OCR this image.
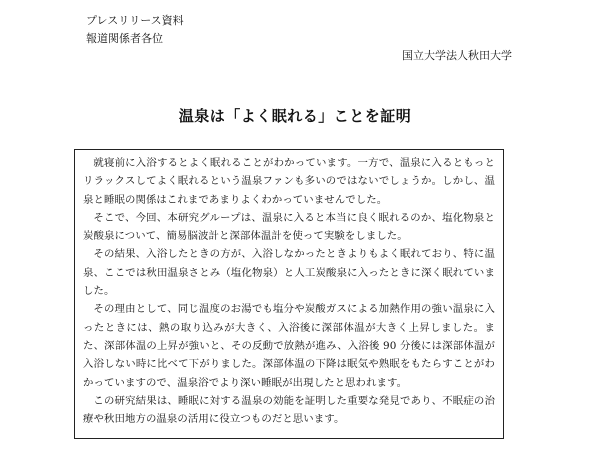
プレスリリース資料
報道関係者各位
国立大学法人秋田大学
温泉は「よく眠れる」ことを証明

就寝前に入浴するとよく眠れることがわかっています。一方で、温泉に入るともっとリラックスしてよく眠れるという温泉ファンも多いのではないでしょうか。しかし、温泉と睡眠の関係はこれまであまりよくわかっていませんでした。

そこで、今回、本研究グループは、温泉に入ると本当に良く眠れるのか、塩化物泉と炭酸泉について、簡易脳波計と深部体温計を使って実験をしました。

その結果、入浴したときの方が、入浴しなかったときよりもよく眠れており、特に温泉、ここでは秋田温泉さとみ（塩化物泉）と人工炭酸泉に入ったときに深く眠れていました。

その理由として、同じ温度のお湯でも塩分や炭酸ガスによる加熱作用の強い温泉に入ったときには、熱の取り込みが大きく、入浴後に深部体温が大きく上昇しました。また、深部体温の上昇が強いと、その反動で放熱が進み、入浴後 90 分後には深部体温が入浴しない時に比べて下がりました。深部体温の下降は眠気や熟眠をもたらすことがわかっていますので、温泉浴でより深い睡眠が出現したと思われます。

この研究結果は、睡眠に対する温泉の効能を証明した重要な発見であり、不眠症の治療や秋田地方の温泉の活用に役立つものだと思います。
